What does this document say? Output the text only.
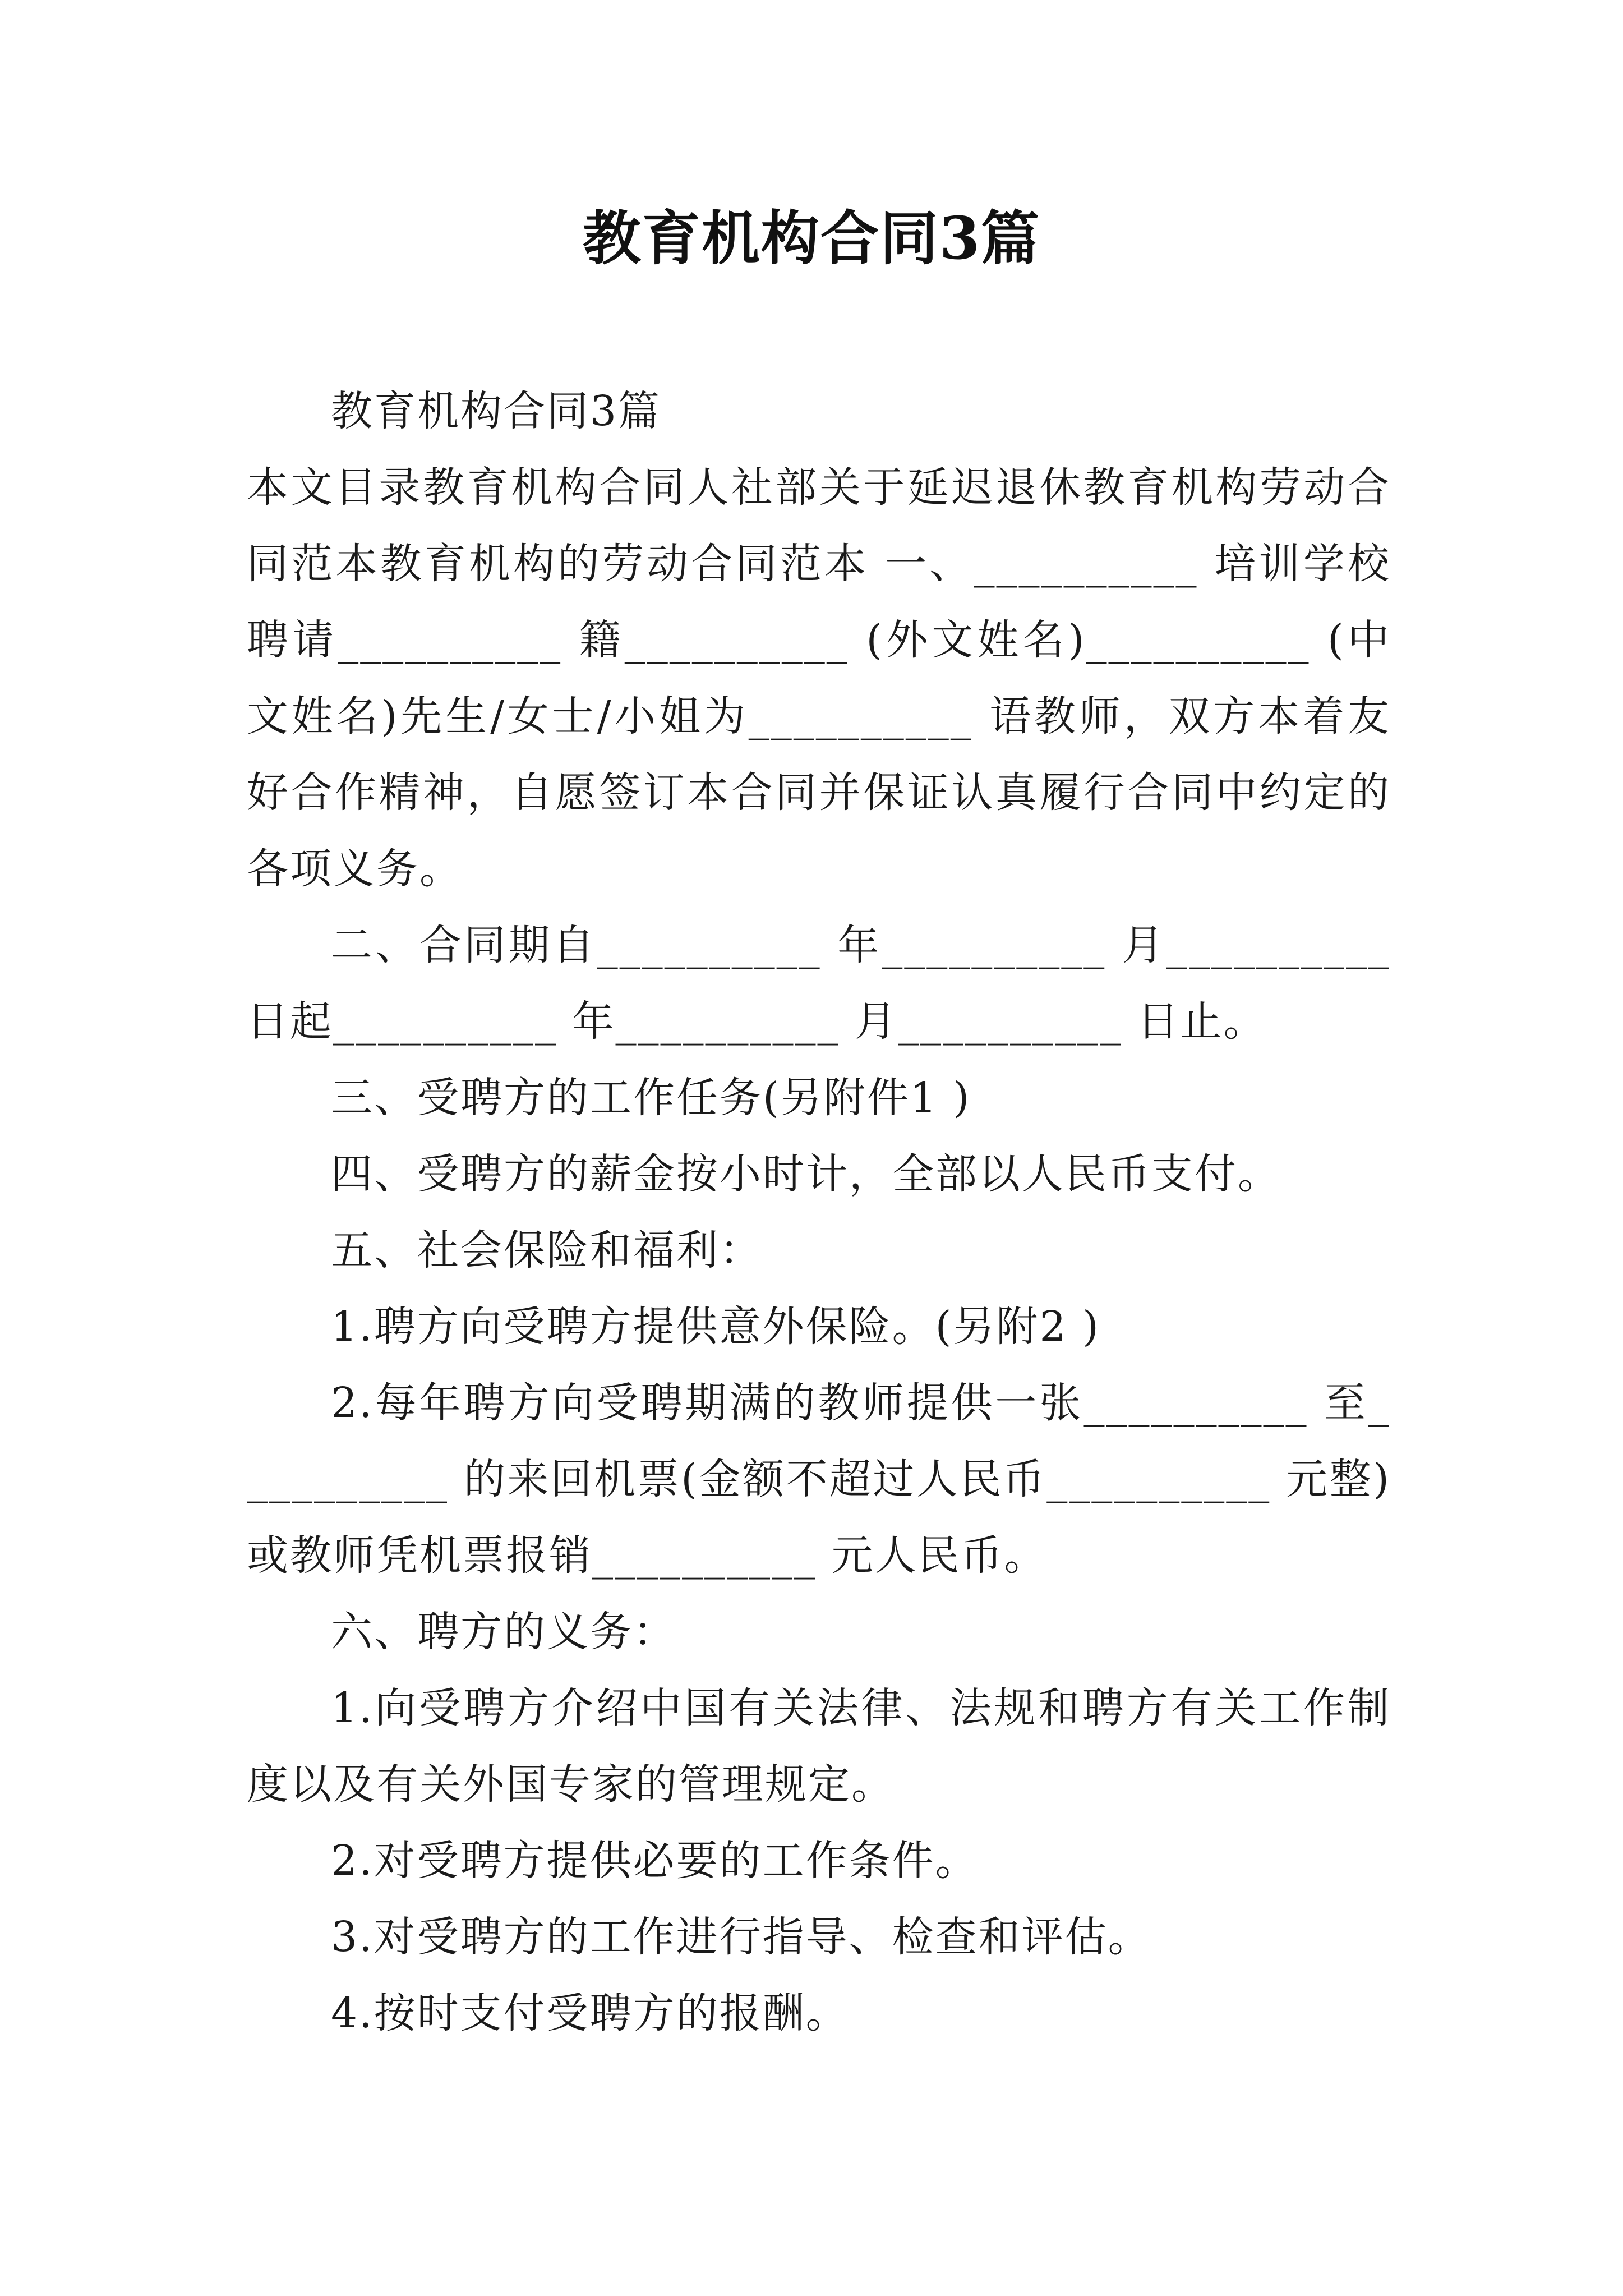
教育机构合同3篇

教育机构合同3篇

本文目录教育机构合同人社部关于延迟退休教育机构劳动合同范本教育机构的劳动合同范本 一、__________ 培训学校聘请__________ 籍__________ (外文姓名)__________ (中文姓名)先生/女士/小姐为__________ 语教师，双方本着友好合作精神，自愿签订本合同并保证认真履行合同中约定的各项义务。

二、合同期自__________ 年__________ 月__________ 日起__________ 年__________ 月__________ 日止。

三、受聘方的工作任务(另附件1 )

四、受聘方的薪金按小时计，全部以人民币支付。

五、社会保险和福利：

1.聘方向受聘方提供意外保险。(另附2 )

2.每年聘方向受聘期满的教师提供一张__________ 至__________ 的来回机票(金额不超过人民币__________ 元整)或教师凭机票报销__________ 元人民币。

六、聘方的义务：

1.向受聘方介绍中国有关法律、法规和聘方有关工作制度以及有关外国专家的管理规定。

2.对受聘方提供必要的工作条件。

3.对受聘方的工作进行指导、检查和评估。

4.按时支付受聘方的报酬。
